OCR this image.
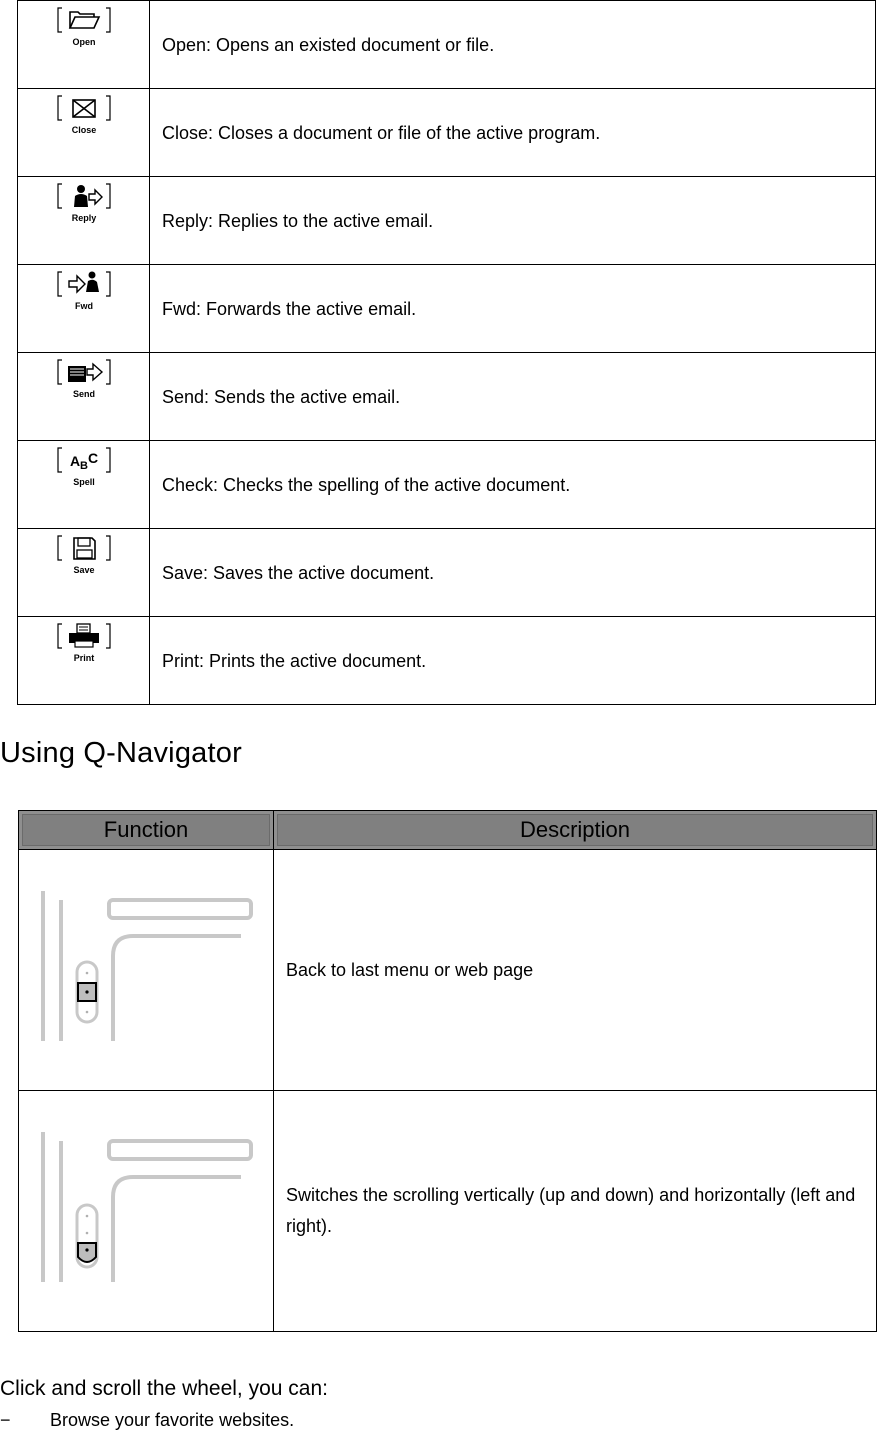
Open	Open: Opens an existed document or file.

Close	Close: Closes a document or file of the active program.

Reply	Reply: Replies to the active email.

Fwd	Fwd: Forwards the active email.

Send	Send: Sends the active email.

A B C
Spell	Check: Checks the spelling of the active document.

Save	Save: Saves the active document.

Print	Print: Prints the active document.
Using Q-Navigator
Function	Description

	Back to last menu or web page

	Switches the scrolling vertically (up and down) and horizontally (left and right).
Click and scroll the wheel, you can:
− Browse your favorite websites.
